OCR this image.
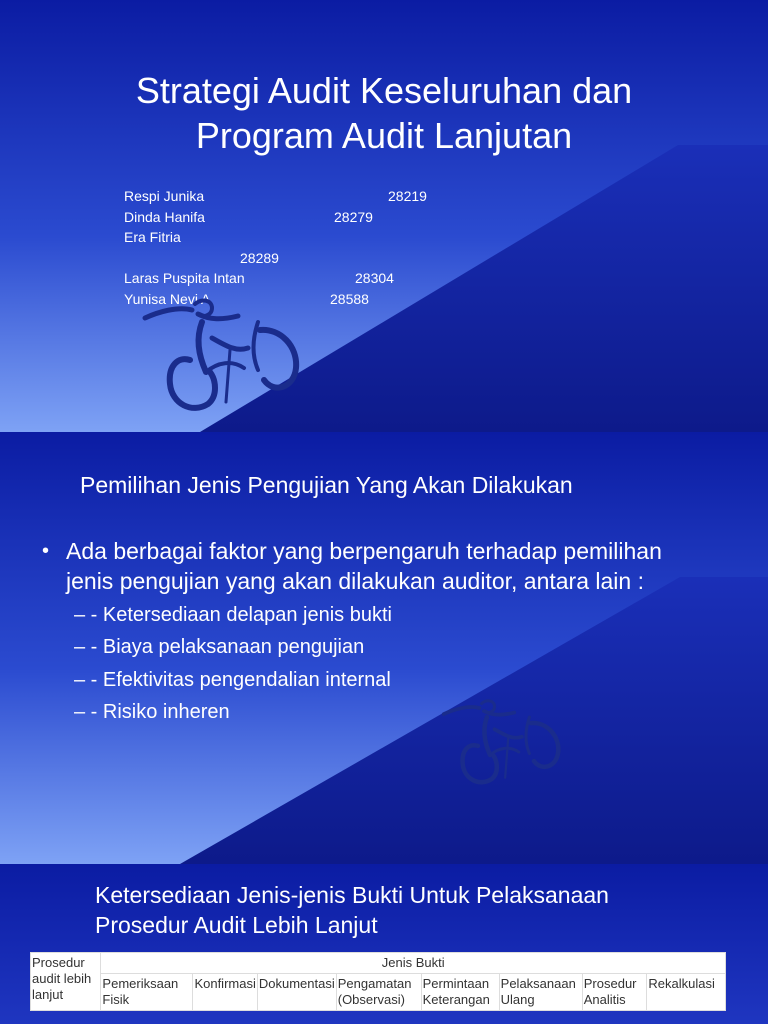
Strategi Audit Keseluruhan dan
Program Audit Lanjutan
Respi Junika	28219
Dinda Hanifa	28279
Era Fitria
28289
Laras Puspita Intan	28304
Yunisa Nevi A	28588
Pemilihan Jenis Pengujian Yang Akan Dilakukan
• Ada berbagai faktor yang berpengaruh terhadap pemilihan
jenis pengujian yang akan dilakukan auditor, antara lain :
– - Ketersediaan delapan jenis bukti
– - Biaya pelaksanaan pengujian
– - Efektivitas pengendalian internal
– - Risiko inheren
Ketersediaan Jenis-jenis Bukti Untuk Pelaksanaan
Prosedur Audit Lebih Lanjut
Prosedur audit lebih lanjut	Jenis Bukti							
	Pemeriksaan Fisik	Konfirmasi	Dokumentasi	Pengamatan (Observasi)	Permintaan Keterangan	Pelaksanaan Ulang	Prosedur Analitis	Rekalkulasi
